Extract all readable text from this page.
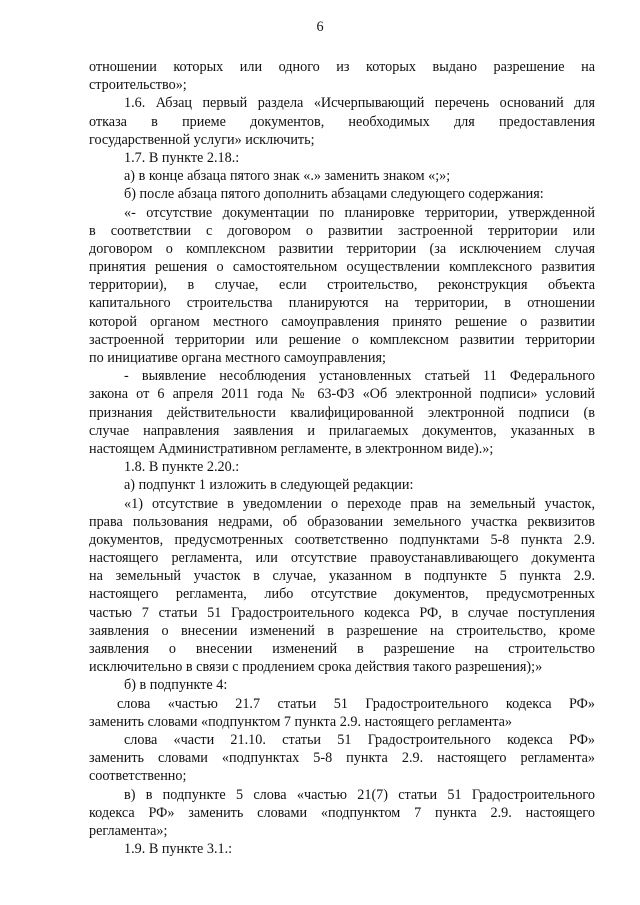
6
отношении которых или одного из которых выдано разрешение на
строительство»;
1.6. Абзац первый раздела «Исчерпывающий перечень оснований для
отказа в приеме документов, необходимых для предоставления
государственной услуги» исключить;
1.7. В пункте 2.18.:
а) в конце абзаца пятого знак «.» заменить знаком «;»;
б) после абзаца пятого дополнить абзацами следующего содержания:
«- отсутствие документации по планировке территории, утвержденной
в соответствии с договором о развитии застроенной территории или
договором о комплексном развитии территории (за исключением случая
принятия решения о самостоятельном осуществлении комплексного развития
территории), в случае, если строительство, реконструкция объекта
капитального строительства планируются на территории, в отношении
которой органом местного самоуправления принято решение о развитии
застроенной территории или решение о комплексном развитии территории
по инициативе органа местного самоуправления;
- выявление несоблюдения установленных статьей 11 Федерального
закона от 6 апреля 2011 года № 63-ФЗ «Об электронной подписи» условий
признания действительности квалифицированной электронной подписи (в
случае направления заявления и прилагаемых документов, указанных в
настоящем Административном регламенте, в электронном виде).»;
1.8. В пункте 2.20.:
а) подпункт 1 изложить в следующей редакции:
«1) отсутствие в уведомлении о переходе прав на земельный участок,
права пользования недрами, об образовании земельного участка реквизитов
документов, предусмотренных соответственно подпунктами 5-8 пункта 2.9.
настоящего регламента, или отсутствие правоустанавливающего документа
на земельный участок в случае, указанном в подпункте 5 пункта 2.9.
настоящего регламента, либо отсутствие документов, предусмотренных
частью 7 статьи 51 Градостроительного кодекса РФ, в случае поступления
заявления о внесении изменений в разрешение на строительство, кроме
заявления о внесении изменений в разрешение на строительство
исключительно в связи с продлением срока действия такого разрешения);»
б) в подпункте 4:
слова «частью 21.7 статьи 51 Градостроительного кодекса РФ»
заменить словами «подпунктом 7 пункта 2.9. настоящего регламента»
слова «части 21.10. статьи 51 Градостроительного кодекса РФ»
заменить словами «подпунктах 5-8 пункта 2.9. настоящего регламента»
соответственно;
в) в подпункте 5 слова «частью 21(7) статьи 51 Градостроительного
кодекса РФ» заменить словами «подпунктом 7 пункта 2.9. настоящего
регламента»;
1.9. В пункте 3.1.:
